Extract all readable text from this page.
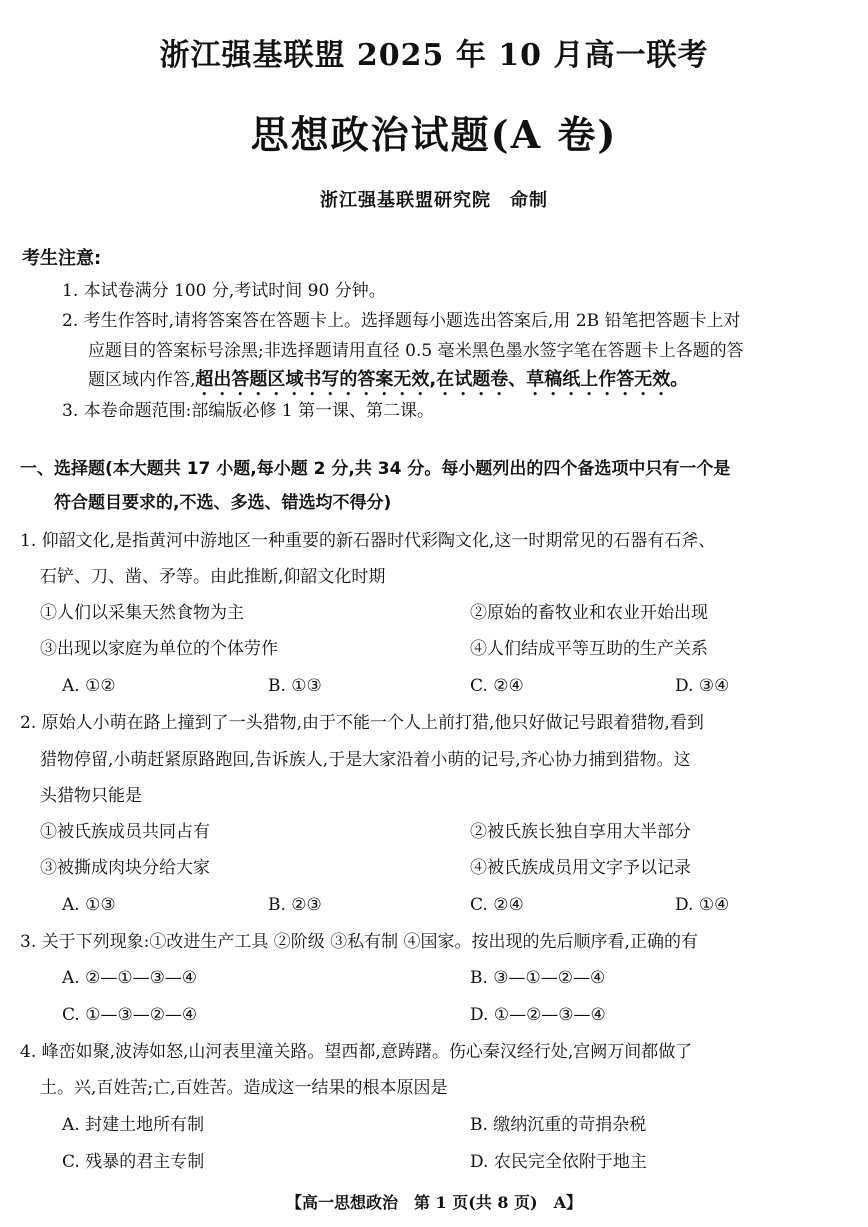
浙江强基联盟 2025 年 10 月高一联考
思想政治试题(A 卷)
浙江强基联盟研究院　命制
考生注意:
1. 本试卷满分 100 分,考试时间 90 分钟。
2. 考生作答时,请将答案答在答题卡上。选择题每小题选出答案后,用 2B 铅笔把答题卡上对
应题目的答案标号涂黑;非选择题请用直径 0.5 毫米黑色墨水签字笔在答题卡上各题的答
题区域内作答,超出答题区域书写的答案无效,在试题卷、草稿纸上作答无效。
3. 本卷命题范围:部编版必修 1 第一课、第二课。
一、选择题(本大题共 17 小题,每小题 2 分,共 34 分。每小题列出的四个备选项中只有一个是
符合题目要求的,不选、多选、错选均不得分)
1. 仰韶文化,是指黄河中游地区一种重要的新石器时代彩陶文化,这一时期常见的石器有石斧、
石铲、刀、凿、矛等。由此推断,仰韶文化时期
①人们以采集天然食物为主	②原始的畜牧业和农业开始出现
③出现以家庭为单位的个体劳作	④人们结成平等互助的生产关系
A. ①②	B. ①③	C. ②④	D. ③④
2. 原始人小萌在路上撞到了一头猎物,由于不能一个人上前打猎,他只好做记号跟着猎物,看到
猎物停留,小萌赶紧原路跑回,告诉族人,于是大家沿着小萌的记号,齐心协力捕到猎物。这
头猎物只能是
①被氏族成员共同占有	②被氏族长独自享用大半部分
③被撕成肉块分给大家	④被氏族成员用文字予以记录
A. ①③	B. ②③	C. ②④	D. ①④
3. 关于下列现象:①改进生产工具 ②阶级 ③私有制 ④国家。按出现的先后顺序看,正确的有
A. ②—①—③—④	B. ③—①—②—④
C. ①—③—②—④	D. ①—②—③—④
4. 峰峦如聚,波涛如怒,山河表里潼关路。望西都,意踌躇。伤心秦汉经行处,宫阙万间都做了
土。兴,百姓苦;亡,百姓苦。造成这一结果的根本原因是
A. 封建土地所有制	B. 缴纳沉重的苛捐杂税
C. 残暴的君主专制	D. 农民完全依附于地主
【高一思想政治　第 1 页(共 8 页)　A】
